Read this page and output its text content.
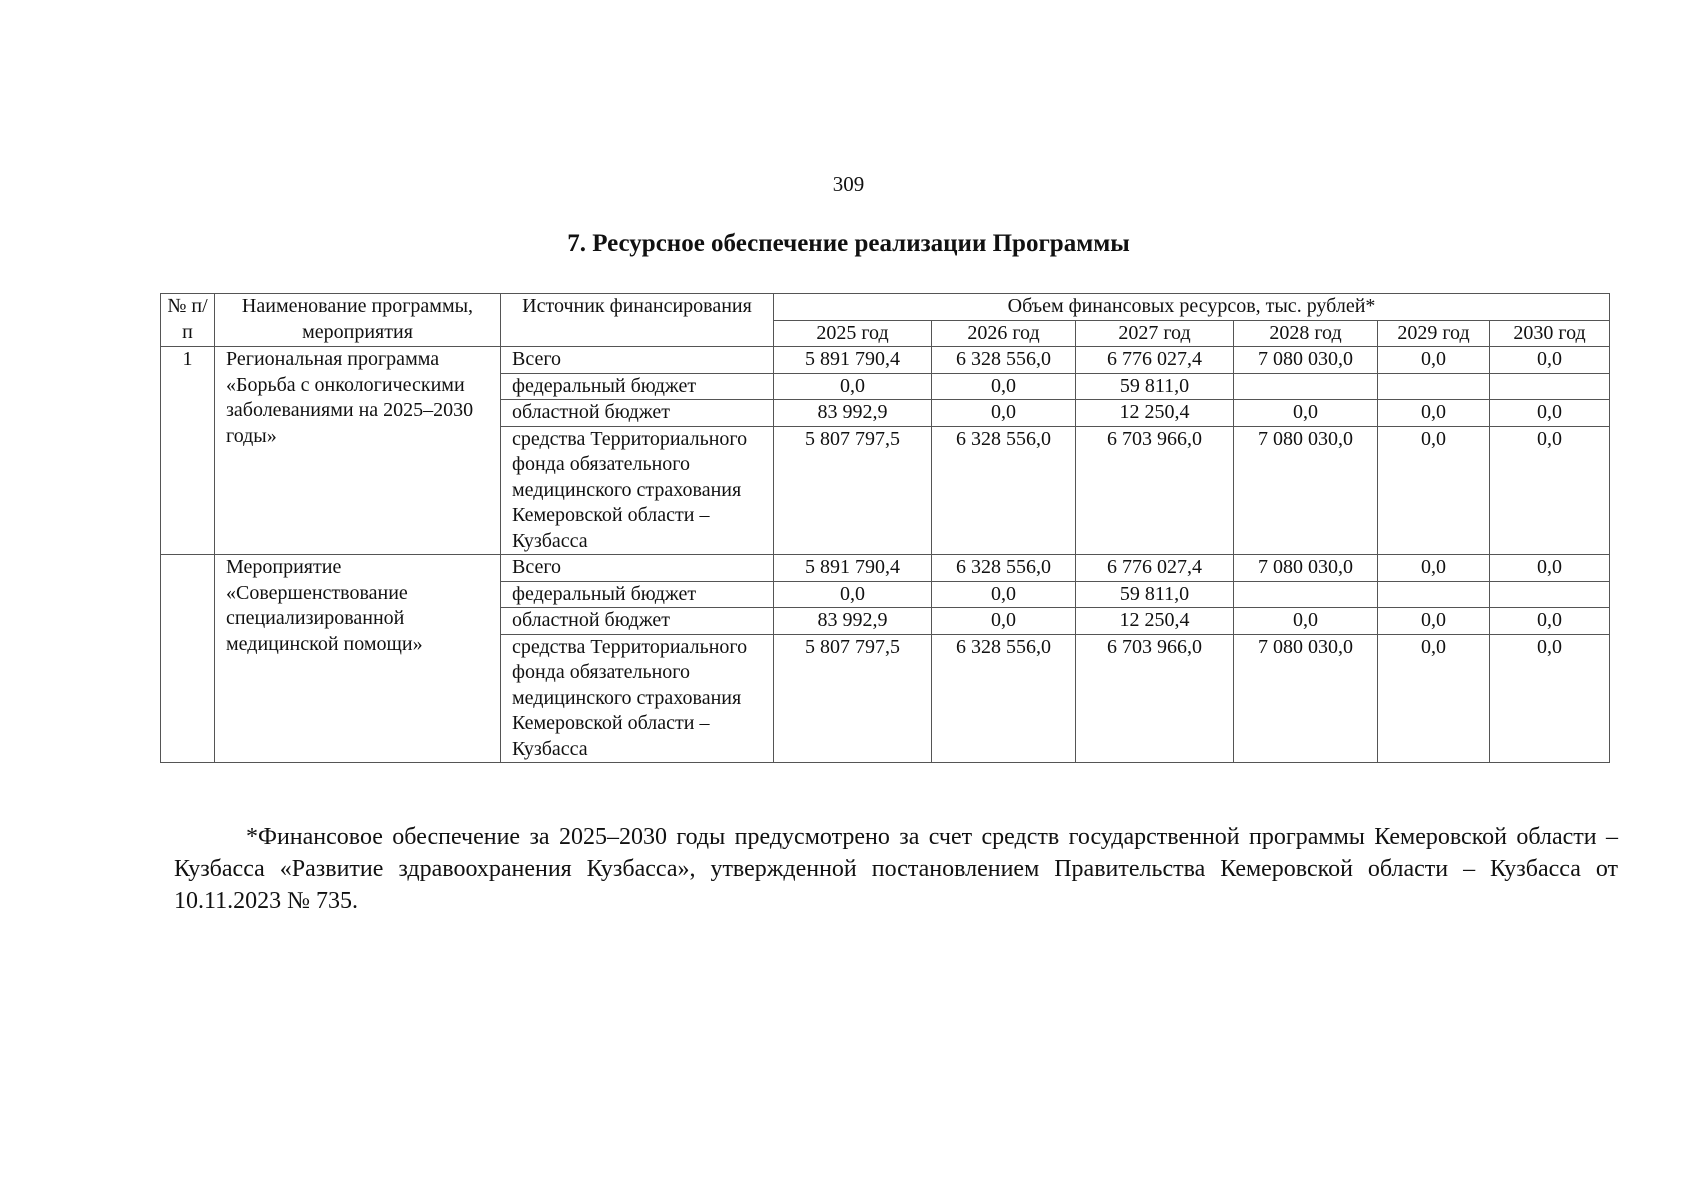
309
7. Ресурсное обеспечение реализации Программы
№ п/п	Наименование программы, мероприятия	Источник финансирования	Объем финансовых ресурсов, тыс. рублей*					
			2025 год	2026 год	2027 год	2028 год	2029 год	2030 год
1	Региональная программа «Борьба с онкологическими заболеваниями на 2025–2030 годы»	Всего	5 891 790,4	6 328 556,0	6 776 027,4	7 080 030,0	0,0	0,0
		федеральный бюджет	0,0	0,0	59 811,0			
		областной бюджет	83 992,9	0,0	12 250,4	0,0	0,0	0,0
		средства Территориального фонда обязательного медицинского страхования Кемеровской области – Кузбасса	5 807 797,5	6 328 556,0	6 703 966,0	7 080 030,0	0,0	0,0
	Мероприятие «Совершенствование специализированной медицинской помощи»	Всего	5 891 790,4	6 328 556,0	6 776 027,4	7 080 030,0	0,0	0,0
		федеральный бюджет	0,0	0,0	59 811,0			
		областной бюджет	83 992,9	0,0	12 250,4	0,0	0,0	0,0
		средства Территориального фонда обязательного медицинского страхования Кемеровской области – Кузбасса	5 807 797,5	6 328 556,0	6 703 966,0	7 080 030,0	0,0	0,0
*Финансовое обеспечение за 2025–2030 годы предусмотрено за счет средств государственной программы Кемеровской области – Кузбасса «Развитие здравоохранения Кузбасса», утвержденной постановлением Правительства Кемеровской области – Кузбасса от 10.11.2023 № 735.
